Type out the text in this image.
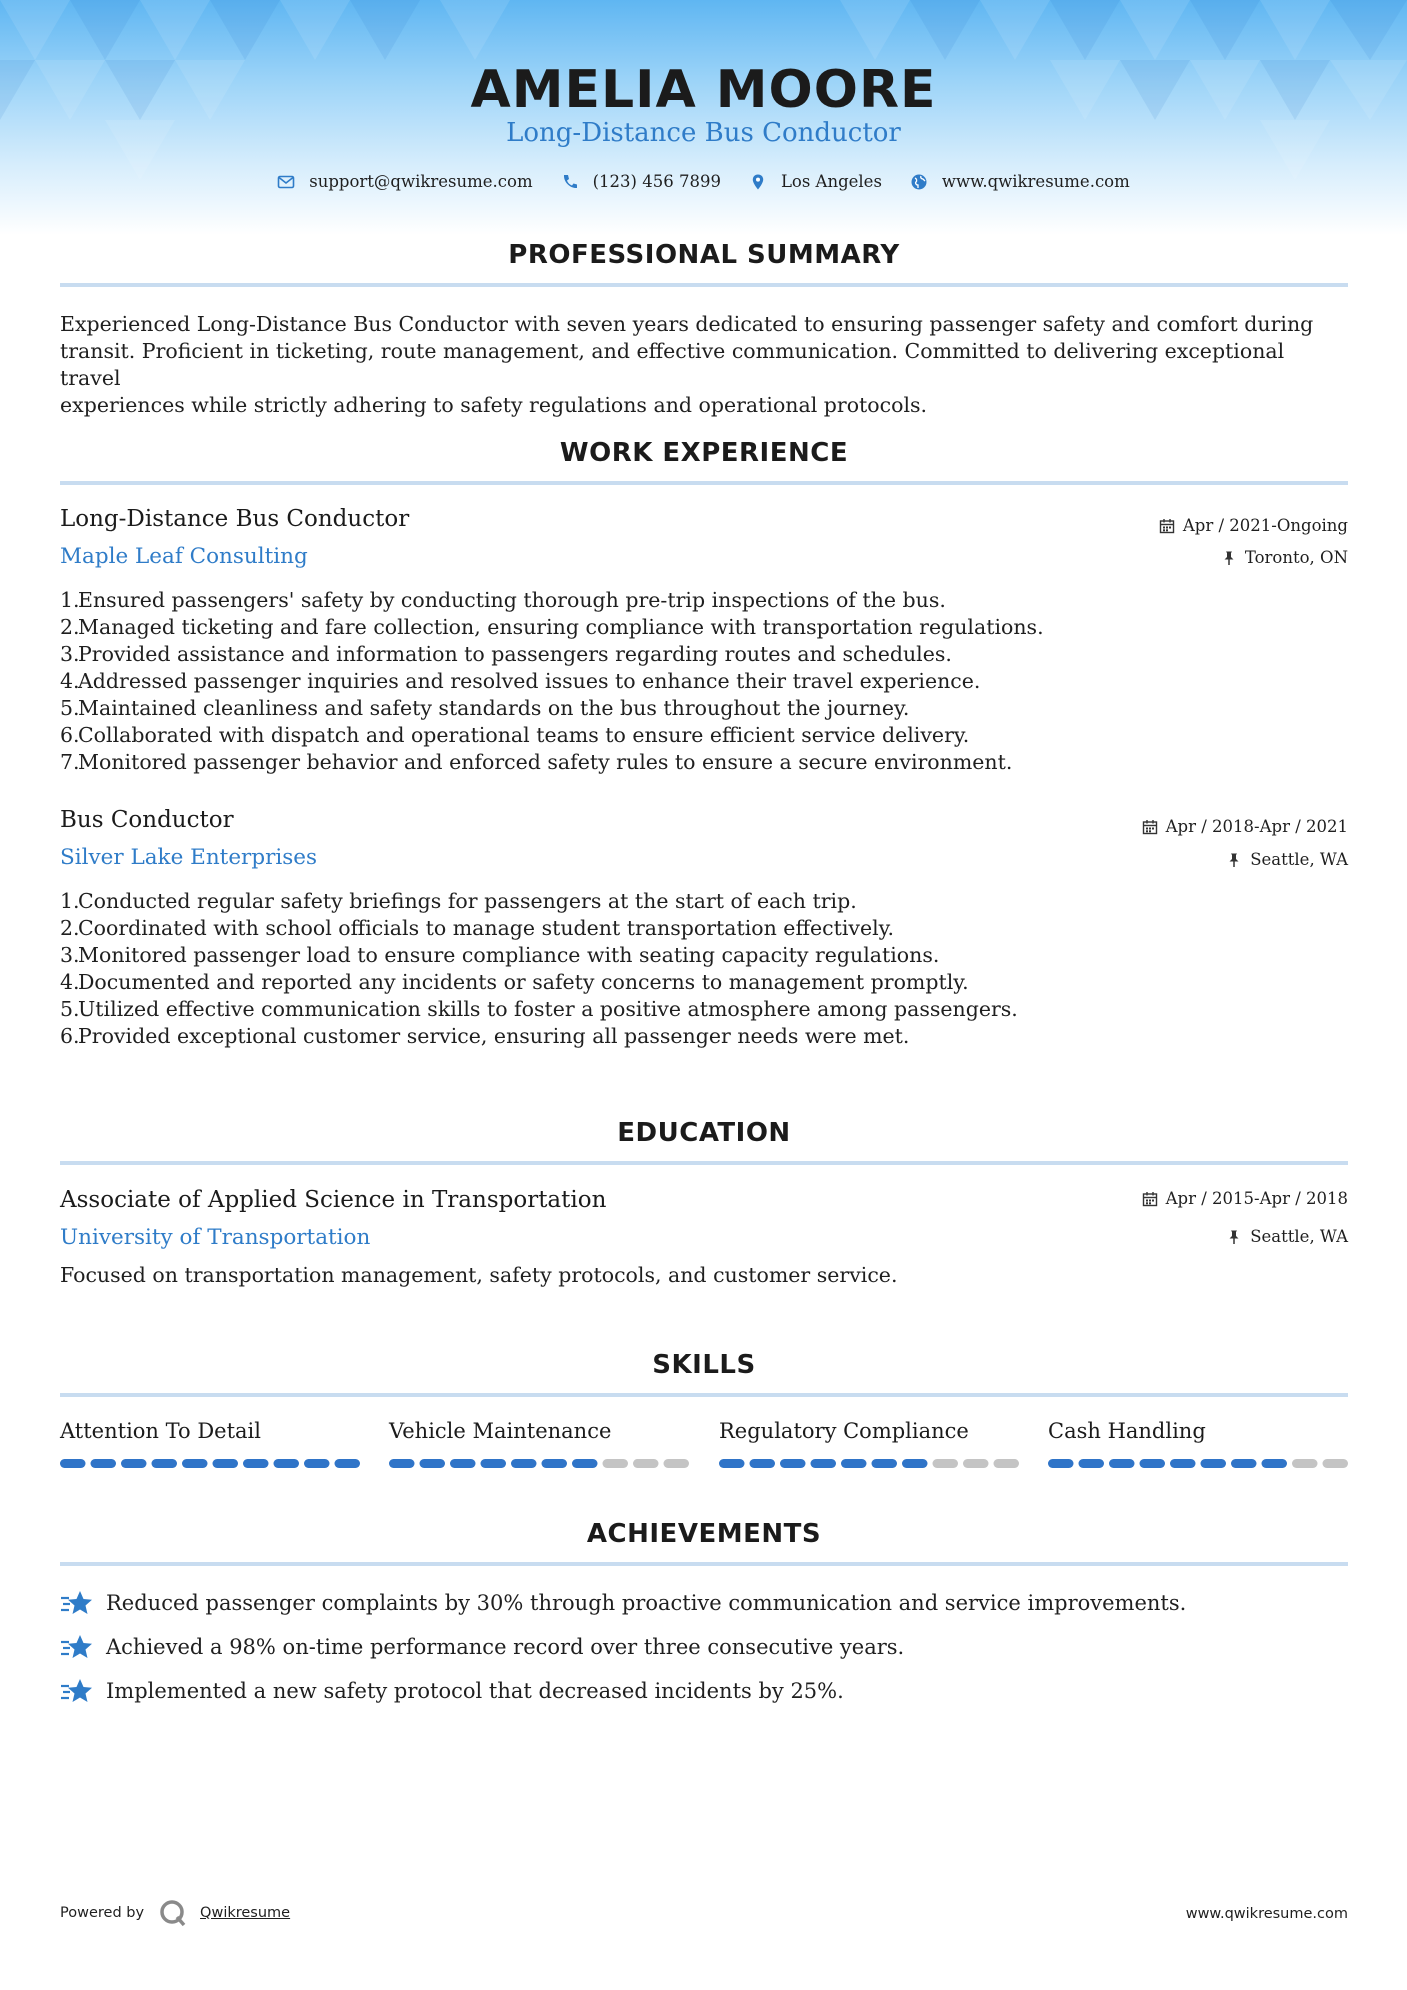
AMELIA MOORE
Long-Distance Bus Conductor
support@qwikresume.com	(123) 456 7899	Los Angeles	www.qwikresume.com
PROFESSIONAL SUMMARY
Experienced Long-Distance Bus Conductor with seven years dedicated to ensuring passenger safety and comfort during
transit. Proficient in ticketing, route management, and effective communication. Committed to delivering exceptional travel
experiences while strictly adhering to safety regulations and operational protocols.
WORK EXPERIENCE
Long-Distance Bus Conductor
Maple Leaf Consulting
Apr / 2021-Ongoing
Toronto, ON
1.
Ensured passengers' safety by conducting thorough pre-trip inspections of the bus.
2.
Managed ticketing and fare collection, ensuring compliance with transportation regulations.
3.
Provided assistance and information to passengers regarding routes and schedules.
4.
Addressed passenger inquiries and resolved issues to enhance their travel experience.
5.
Maintained cleanliness and safety standards on the bus throughout the journey.
6.
Collaborated with dispatch and operational teams to ensure efficient service delivery.
7.
Monitored passenger behavior and enforced safety rules to ensure a secure environment.
Bus Conductor
Silver Lake Enterprises
Apr / 2018-Apr / 2021
Seattle, WA
1.
Conducted regular safety briefings for passengers at the start of each trip.
2.
Coordinated with school officials to manage student transportation effectively.
3.
Monitored passenger load to ensure compliance with seating capacity regulations.
4.
Documented and reported any incidents or safety concerns to management promptly.
5.
Utilized effective communication skills to foster a positive atmosphere among passengers.
6.
Provided exceptional customer service, ensuring all passenger needs were met.
EDUCATION
Associate of Applied Science in Transportation
University of Transportation
Apr / 2015-Apr / 2018
Seattle, WA
Focused on transportation management, safety protocols, and customer service.
SKILLS
Attention To Detail	Vehicle Maintenance	Regulatory Compliance	Cash Handling
ACHIEVEMENTS
Reduced passenger complaints by 30% through proactive communication and service improvements.
Achieved a 98% on-time performance record over three consecutive years.
Implemented a new safety protocol that decreased incidents by 25%.
Powered by	Qwikresume	www.qwikresume.com
